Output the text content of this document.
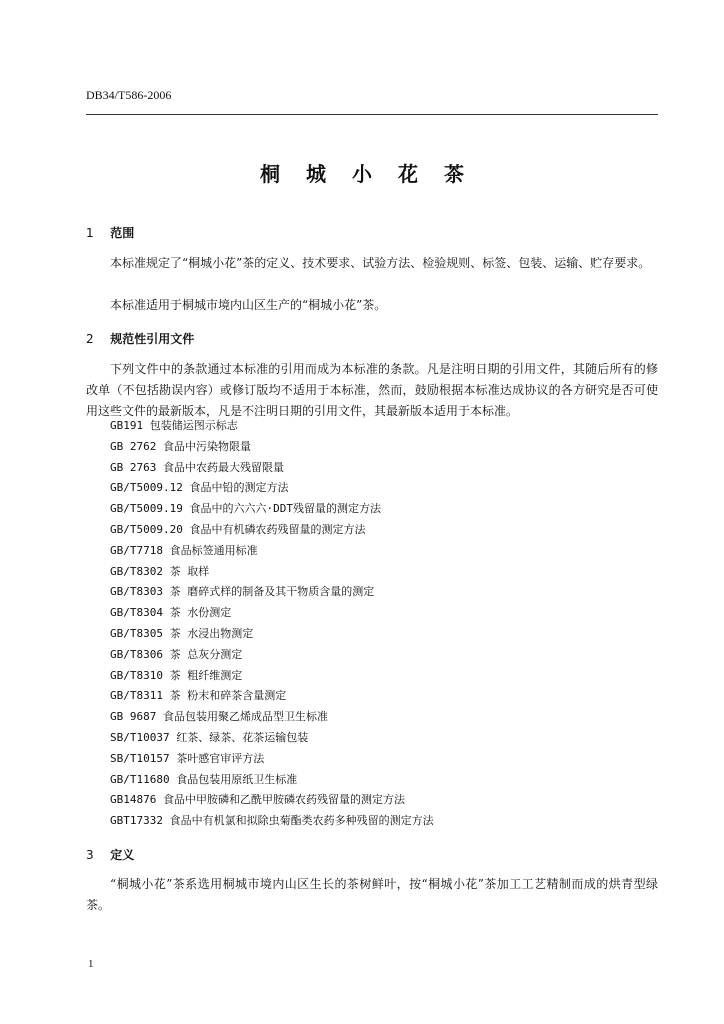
DB34/T586-2006
桐城小花茶
1 范围
本标准规定了“桐城小花”茶的定义、技术要求、试验方法、检验规则、标签、包装、运输、贮存要求。
本标准适用于桐城市境内山区生产的“桐城小花”茶。
2 规范性引用文件
下列文件中的条款通过本标准的引用而成为本标准的条款。凡是注明日期的引用文件，其随后所有的修改单（不包括勘误内容）或修订版均不适用于本标准，然而，鼓励根据本标准达成协议的各方研究是否可使用这些文件的最新版本，凡是不注明日期的引用文件，其最新版本适用于本标准。
GB191 包装储运图示标志
GB 2762 食品中污染物限量
GB 2763 食品中农药最大残留限量
GB/T5009.12 食品中铅的测定方法
GB/T5009.19 食品中的六六六·DDT残留量的测定方法
GB/T5009.20 食品中有机磷农药残留量的测定方法
GB/T7718 食品标签通用标准
GB/T8302 茶 取样
GB/T8303 茶 磨碎式样的制备及其干物质含量的测定
GB/T8304 茶 水份测定
GB/T8305 茶 水浸出物测定
GB/T8306 茶 总灰分测定
GB/T8310 茶 粗纤维测定
GB/T8311 茶 粉末和碎茶含量测定
GB 9687 食品包装用聚乙烯成品型卫生标准
SB/T10037 红茶、绿茶、花茶运输包装
SB/T10157 茶叶感官审评方法
GB/T11680 食品包装用原纸卫生标准
GB14876 食品中甲胺磷和乙酰甲胺磷农药残留量的测定方法
GBT17332 食品中有机氯和拟除虫菊酯类农药多种残留的测定方法
3 定义
“桐城小花”茶系选用桐城市境内山区生长的茶树鲜叶，按“桐城小花”茶加工工艺精制而成的烘青型绿茶。
1
